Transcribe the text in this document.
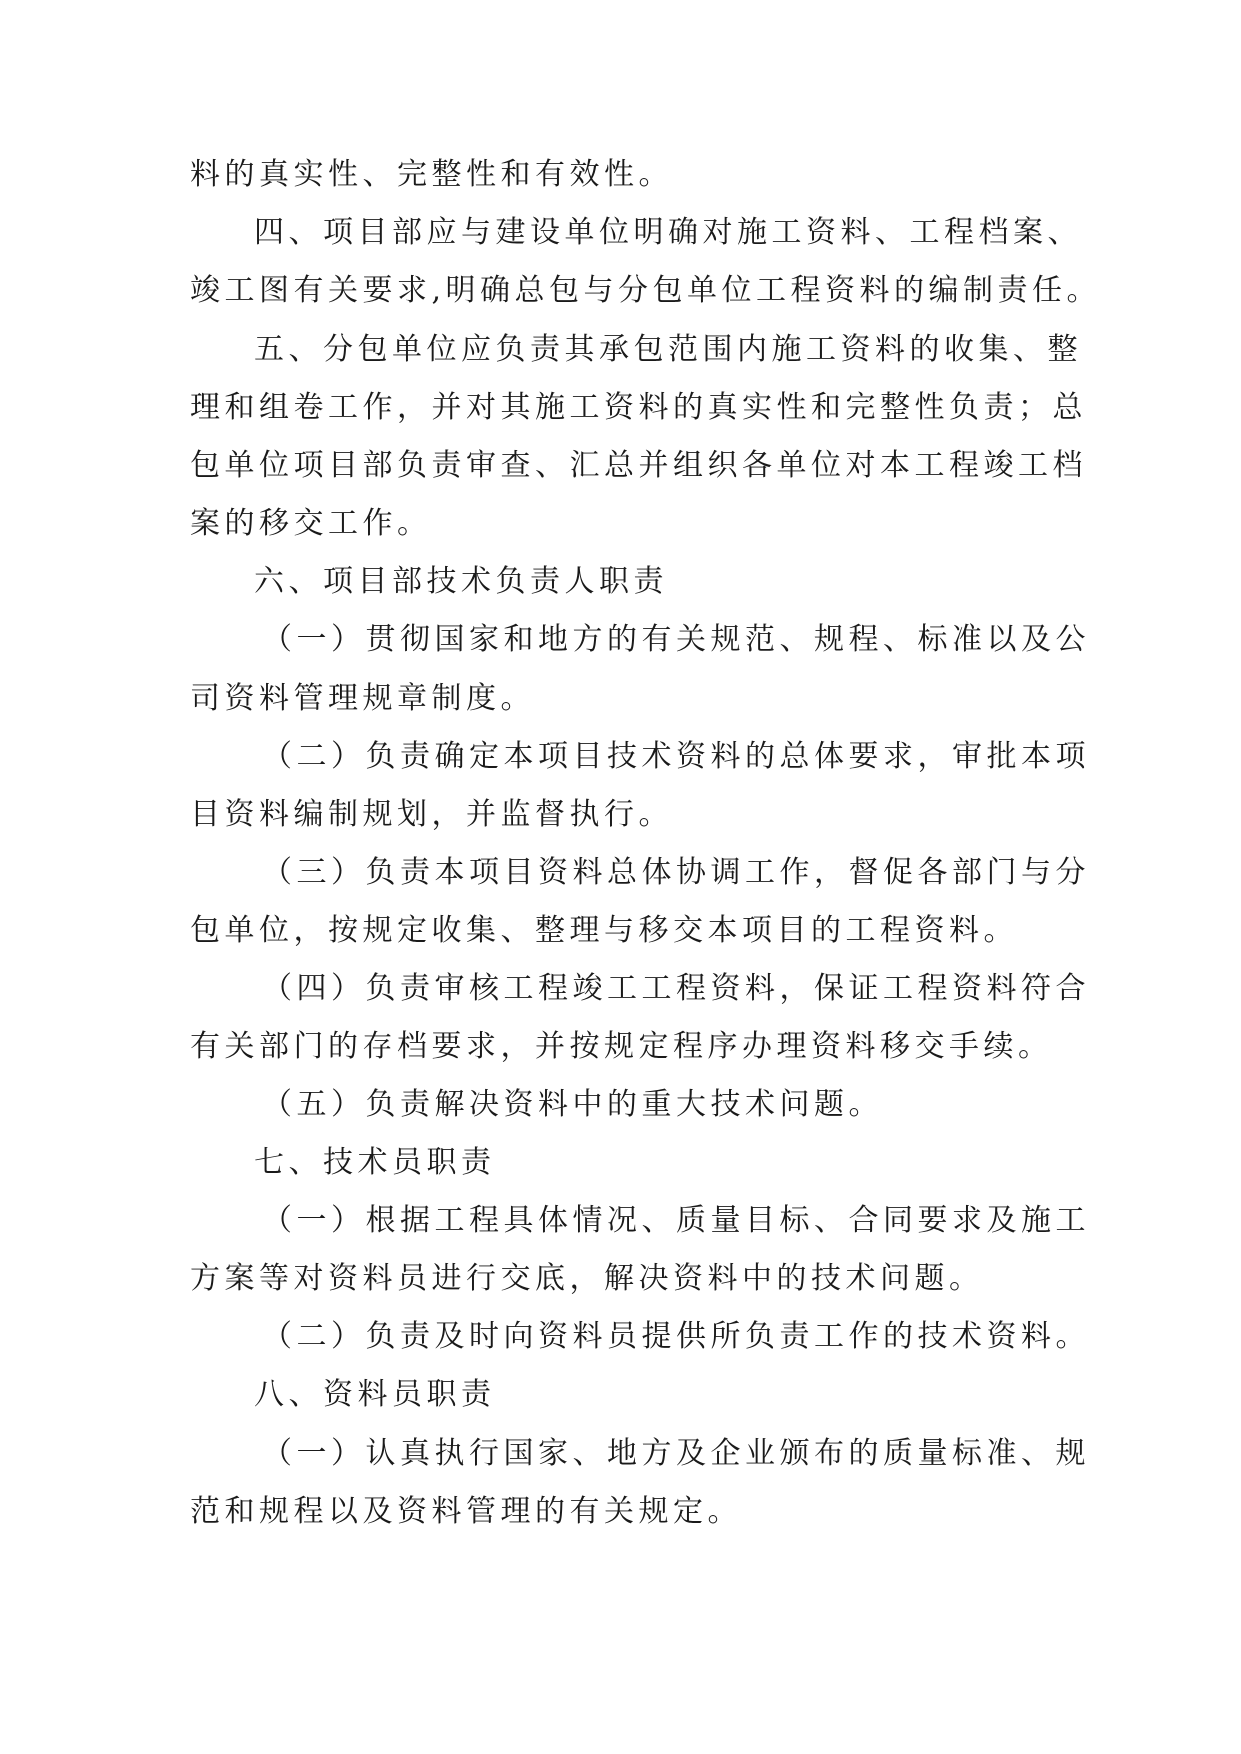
料的真实性、完整性和有效性。
四、项目部应与建设单位明确对施工资料、工程档案、
竣工图有关要求,明确总包与分包单位工程资料的编制责任。
五、分包单位应负责其承包范围内施工资料的收集、整
理和组卷工作，并对其施工资料的真实性和完整性负责；总
包单位项目部负责审查、汇总并组织各单位对本工程竣工档
案的移交工作。
六、项目部技术负责人职责
（一）贯彻国家和地方的有关规范、规程、标准以及公
司资料管理规章制度。
（二）负责确定本项目技术资料的总体要求，审批本项
目资料编制规划，并监督执行。
（三）负责本项目资料总体协调工作，督促各部门与分
包单位，按规定收集、整理与移交本项目的工程资料。
（四）负责审核工程竣工工程资料，保证工程资料符合
有关部门的存档要求，并按规定程序办理资料移交手续。
（五）负责解决资料中的重大技术问题。
七、技术员职责
（一）根据工程具体情况、质量目标、合同要求及施工
方案等对资料员进行交底，解决资料中的技术问题。
（二）负责及时向资料员提供所负责工作的技术资料。
八、资料员职责
（一）认真执行国家、地方及企业颁布的质量标准、规
范和规程以及资料管理的有关规定。
